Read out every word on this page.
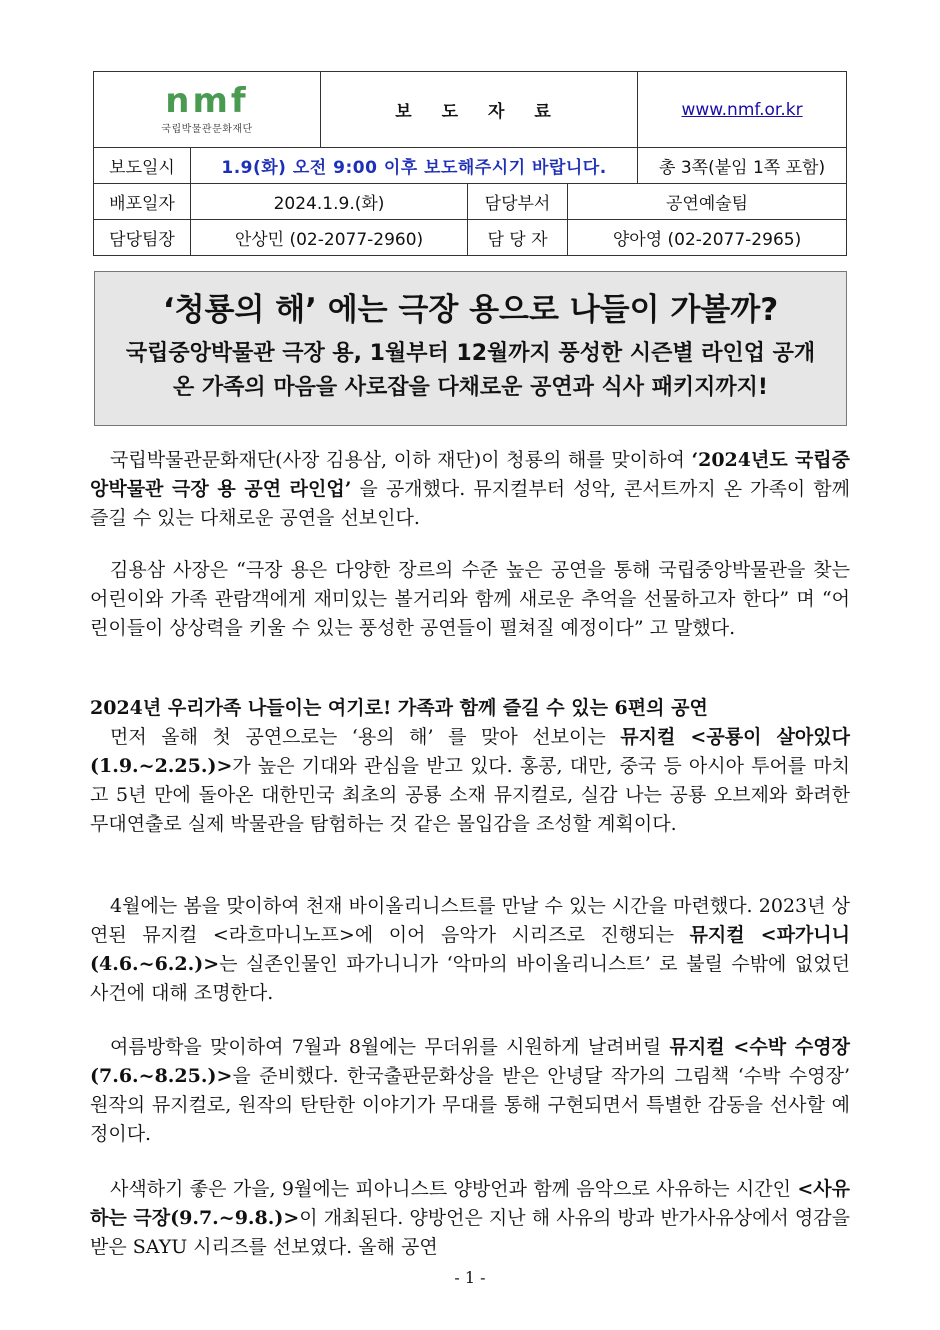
nmf
국립박물관문화재단		보 도 자 료			www.nmf.or.kr
보도일시	1.9(화) 오전 9:00 이후 보도해주시기 바랍니다.				총 3쪽(붙임 1쪽 포함)
배포일자	2024.1.9.(화)		담당부서	공연예술팀	
담당팀장	안상민 (02-2077-2960)		담 당 자	양아영 (02-2077-2965)	
‘청룡의 해’ 에는 극장 용으로 나들이 가볼까?
국립중앙박물관 극장 용, 1월부터 12월까지 풍성한 시즌별 라인업 공개
온 가족의 마음을 사로잡을 다채로운 공연과 식사 패키지까지!

국립박물관문화재단(사장 김용삼, 이하 재단)이 청룡의 해를 맞이하여 ‘2024년도 국립중앙박물관 극장 용 공연 라인업’ 을 공개했다. 뮤지컬부터 성악, 콘서트까지 온 가족이 함께 즐길 수 있는 다채로운 공연을 선보인다.

김용삼 사장은 “극장 용은 다양한 장르의 수준 높은 공연을 통해 국립중앙박물관을 찾는 어린이와 가족 관람객에게 재미있는 볼거리와 함께 새로운 추억을 선물하고자 한다” 며 “어린이들이 상상력을 키울 수 있는 풍성한 공연들이 펼쳐질 예정이다” 고 말했다.

2024년 우리가족 나들이는 여기로! 가족과 함께 즐길 수 있는 6편의 공연

먼저 올해 첫 공연으로는 ‘용의 해’ 를 맞아 선보이는 뮤지컬 <공룡이 살아있다(1.9.~2.25.)>가 높은 기대와 관심을 받고 있다. 홍콩, 대만, 중국 등 아시아 투어를 마치고 5년 만에 돌아온 대한민국 최초의 공룡 소재 뮤지컬로, 실감 나는 공룡 오브제와 화려한 무대연출로 실제 박물관을 탐험하는 것 같은 몰입감을 조성할 계획이다.

4월에는 봄을 맞이하여 천재 바이올리니스트를 만날 수 있는 시간을 마련했다. 2023년 상연된 뮤지컬 <라흐마니노프>에 이어 음악가 시리즈로 진행되는 뮤지컬 <파가니니(4.6.~6.2.)>는 실존인물인 파가니니가 ‘악마의 바이올리니스트’ 로 불릴 수밖에 없었던 사건에 대해 조명한다.

여름방학을 맞이하여 7월과 8월에는 무더위를 시원하게 날려버릴 뮤지컬 <수박 수영장(7.6.~8.25.)>을 준비했다. 한국출판문화상을 받은 안녕달 작가의 그림책 ‘수박 수영장’ 원작의 뮤지컬로, 원작의 탄탄한 이야기가 무대를 통해 구현되면서 특별한 감동을 선사할 예정이다.

사색하기 좋은 가을, 9월에는 피아니스트 양방언과 함께 음악으로 사유하는 시간인 <사유하는 극장(9.7.~9.8.)>이 개최된다. 양방언은 지난 해 사유의 방과 반가사유상에서 영감을 받은 SAYU 시리즈를 선보였다. 올해 공연

- 1 -
